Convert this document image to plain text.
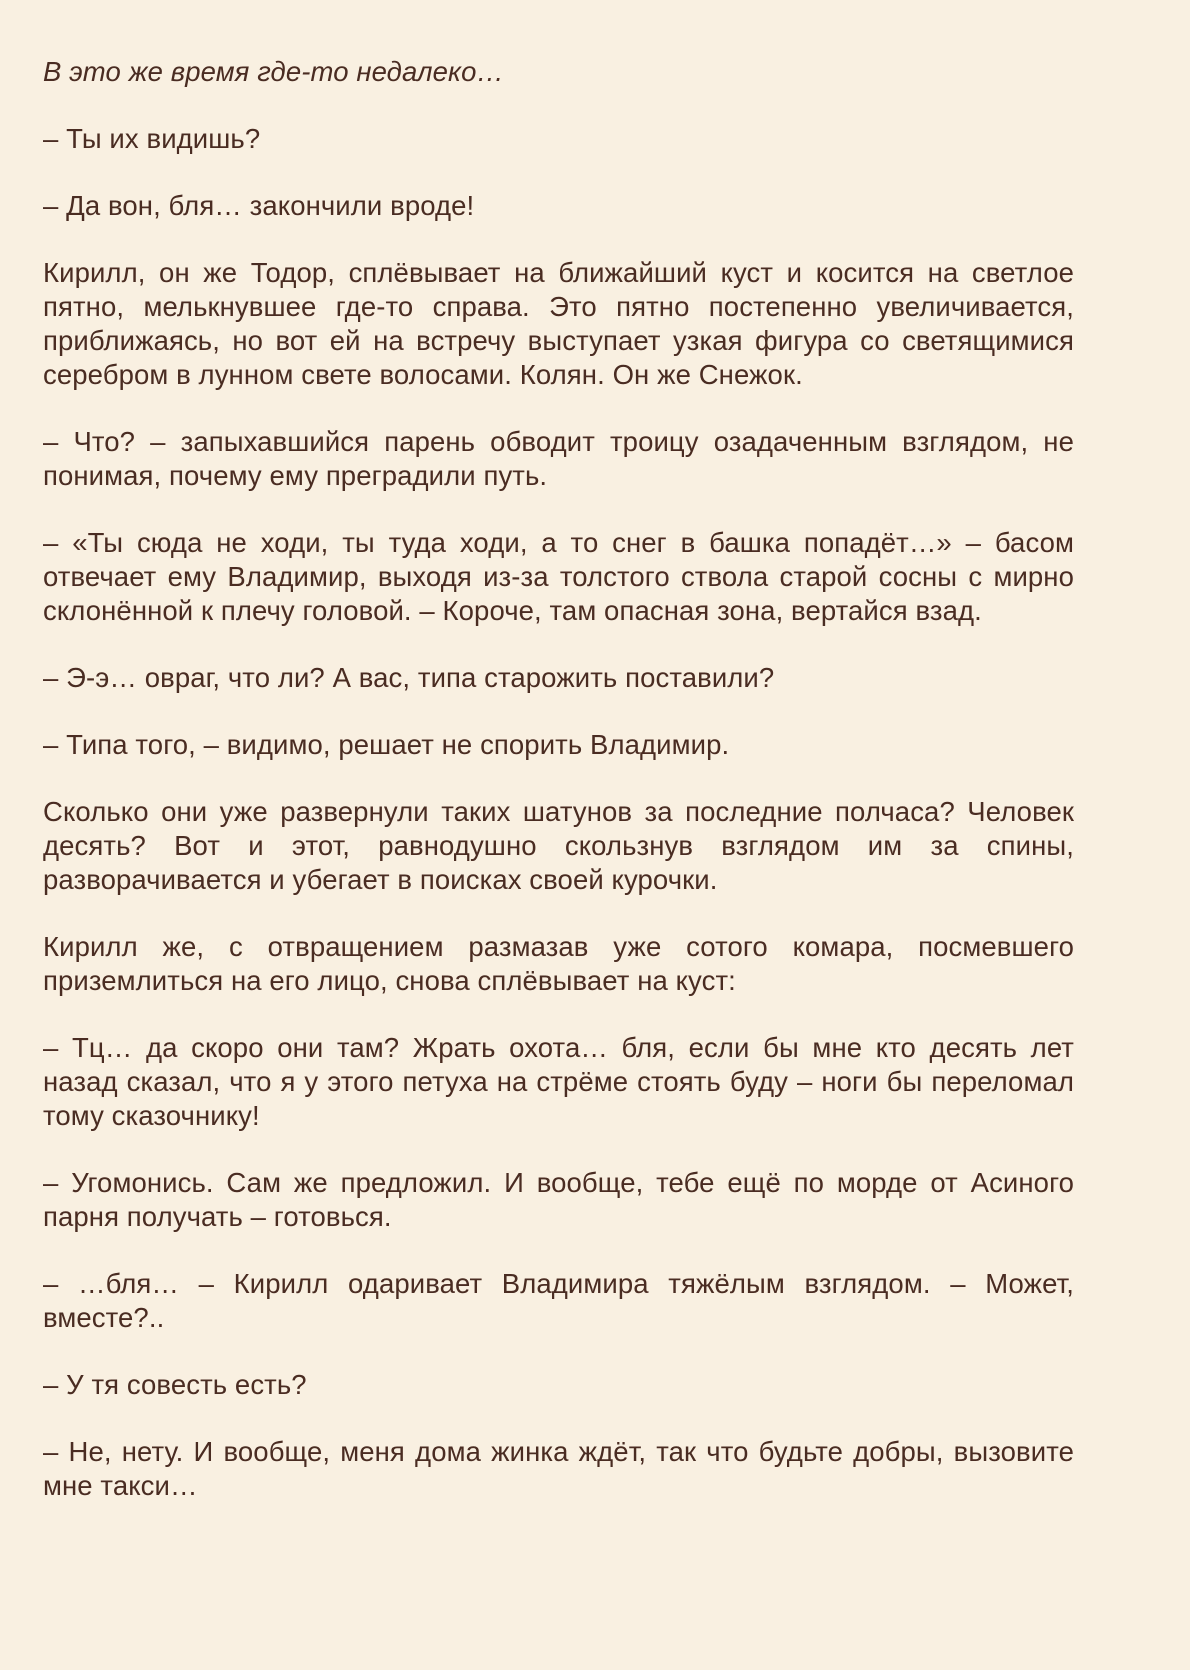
В это же время где-то недалеко…

– Ты их видишь?

– Да вон, бля… закончили вроде!

Кирилл, он же Тодор, сплёвывает на ближайший куст и косится на светлое пятно, мелькнувшее где-то справа. Это пятно постепенно увеличивается, приближаясь, но вот ей на встречу выступает узкая фигура со светящимися серебром в лунном свете волосами. Колян. Он же Снежок.

– Что? – запыхавшийся парень обводит троицу озадаченным взглядом, не понимая, почему ему преградили путь.

– «Ты сюда не ходи, ты туда ходи, а то снег в башка попадёт…» – басом отвечает ему Владимир, выходя из-за толстого ствола старой сосны с мирно склонённой к плечу головой. – Короче, там опасная зона, вертайся взад.

– Э-э… овраг, что ли? А вас, типа старожить поставили?

– Типа того, – видимо, решает не спорить Владимир.

Сколько они уже развернули таких шатунов за последние полчаса? Человек десять? Вот и этот, равнодушно скользнув взглядом им за спины, разворачивается и убегает в поисках своей курочки.

Кирилл же, с отвращением размазав уже сотого комара, посмевшего приземлиться на его лицо, снова сплёвывает на куст:

– Тц… да скоро они там? Жрать охота… бля, если бы мне кто десять лет назад сказал, что я у этого петуха на стрёме стоять буду – ноги бы переломал тому сказочнику!

– Угомонись. Сам же предложил. И вообще, тебе ещё по морде от Асиного парня получать – готовься.

– …бля… – Кирилл одаривает Владимира тяжёлым взглядом. – Может, вместе?..

– У тя совесть есть?

– Не, нету. И вообще, меня дома жинка ждёт, так что будьте добры, вызовите мне такси…
